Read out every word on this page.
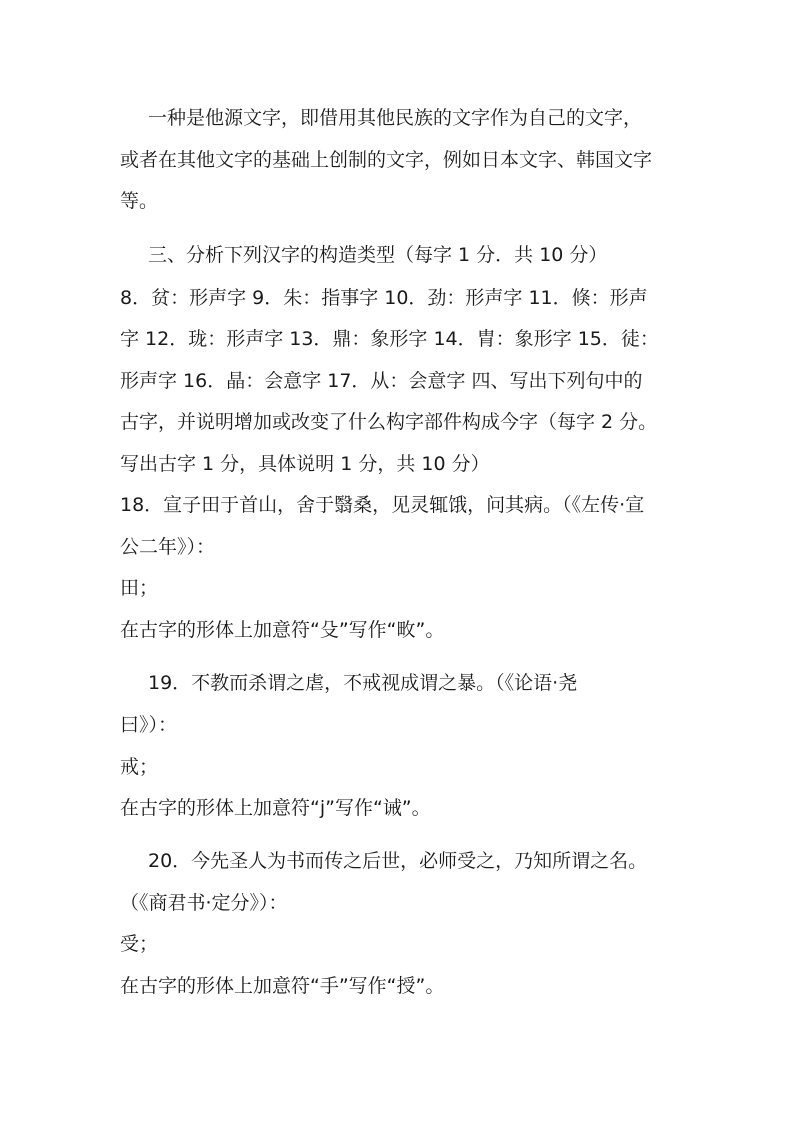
一种是他源文字，即借用其他民族的文字作为自己的文字，
或者在其他文字的基础上创制的文字，例如日本文字、韩国文字
等。
三、分析下列汉字的构造类型（每字 1 分．共 10 分）
8．贫：形声字 9．朱：指事字 10．劲：形声字 11．倏：形声
字 12．珑：形声字 13．鼎：象形字 14．胄：象形字 15．徒：
形声字 16．晶：会意字 17．从：会意字 四、写出下列句中的
古字，并说明增加或改变了什么构字部件构成今字（每字 2 分。
写出古字 1 分，具体说明 1 分，共 10 分）
18．宣子田于首山，舍于翳桑，见灵辄饿，问其病。（《左传·宣
公二年》）：
田；
在古字的形体上加意符“殳”写作“畋”。
19．不教而杀谓之虐，不戒视成谓之暴。（《论语·尧
曰》）：
戒；
在古字的形体上加意符“j”写作“诫”。
20．今先圣人为书而传之后世，必师受之，乃知所谓之名。
（《商君书·定分》）：
受；
在古字的形体上加意符“手”写作“授”。
